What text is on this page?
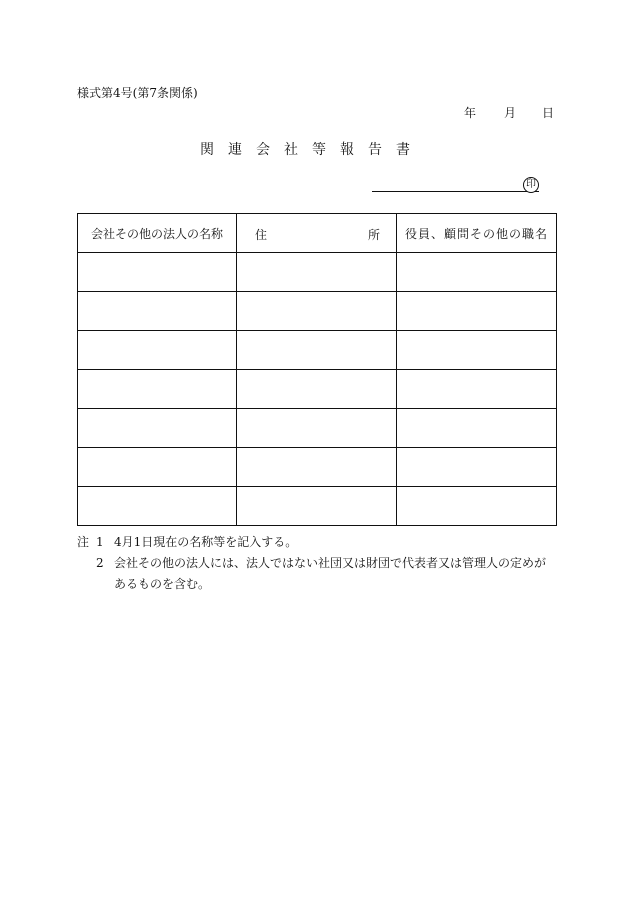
様式第4号(第7条関係)
年	月	日
関連会社等報告書
印
会社その他の法人の名称	住 所	役員、顧問その他の職名

注 1 4月1日現在の名称等を記入する。
2 会社その他の法人には、法人ではない社団又は財団で代表者又は管理人の定めがあるものを含む。
